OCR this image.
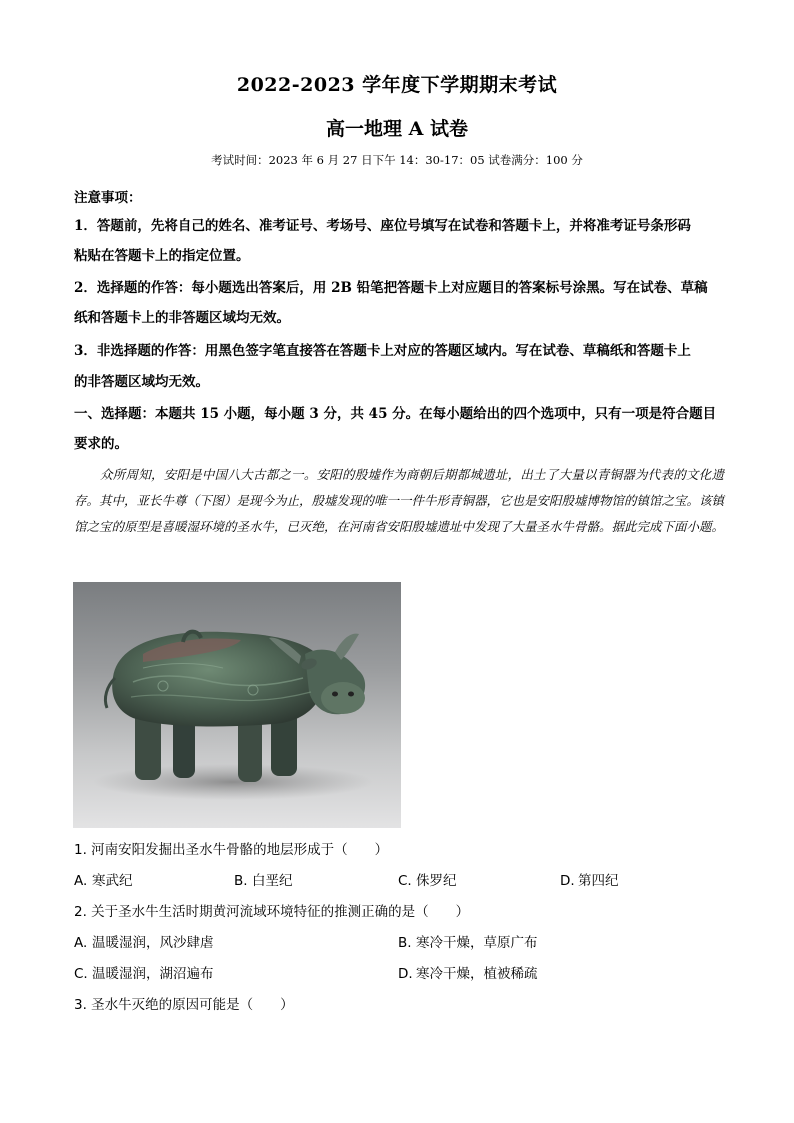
2022-2023 学年度下学期期末考试
高一地理 A 试卷
考试时间：2023 年 6 月 27 日下午 14：30-17：05 试卷满分：100 分
注意事项：
1．答题前，先将自己的姓名、准考证号、考场号、座位号填写在试卷和答题卡上，并将准考证号条形码
粘贴在答题卡上的指定位置。
2．选择题的作答：每小题选出答案后，用 2B 铅笔把答题卡上对应题目的答案标号涂黑。写在试卷、草稿
纸和答题卡上的非答题区域均无效。
3．非选择题的作答：用黑色签字笔直接答在答题卡上对应的答题区域内。写在试卷、草稿纸和答题卡上
的非答题区域均无效。
一、选择题：本题共 15 小题，每小题 3 分，共 45 分。在每小题给出的四个选项中，只有一项是符合题目
要求的。
众所周知，安阳是中国八大古都之一。安阳的殷墟作为商朝后期都城遗址，出土了大量以青铜器为代表的文化遗存。其中，亚长牛尊（下图）是现今为止，殷墟发现的唯一一件牛形青铜器，它也是安阳殷墟博物馆的镇馆之宝。该镇馆之宝的原型是喜暖湿环境的圣水牛，已灭绝，在河南省安阳殷墟遗址中发现了大量圣水牛骨骼。据此完成下面小题。
1. 河南安阳发掘出圣水牛骨骼的地层形成于（　　）
A. 寒武纪	B. 白垩纪	C. 侏罗纪	D. 第四纪
2. 关于圣水牛生活时期黄河流域环境特征的推测正确的是（　　）
A. 温暖湿润，风沙肆虐	B. 寒冷干燥，草原广布
C. 温暖湿润，湖沼遍布	D. 寒冷干燥，植被稀疏
3. 圣水牛灭绝的原因可能是（　　）
